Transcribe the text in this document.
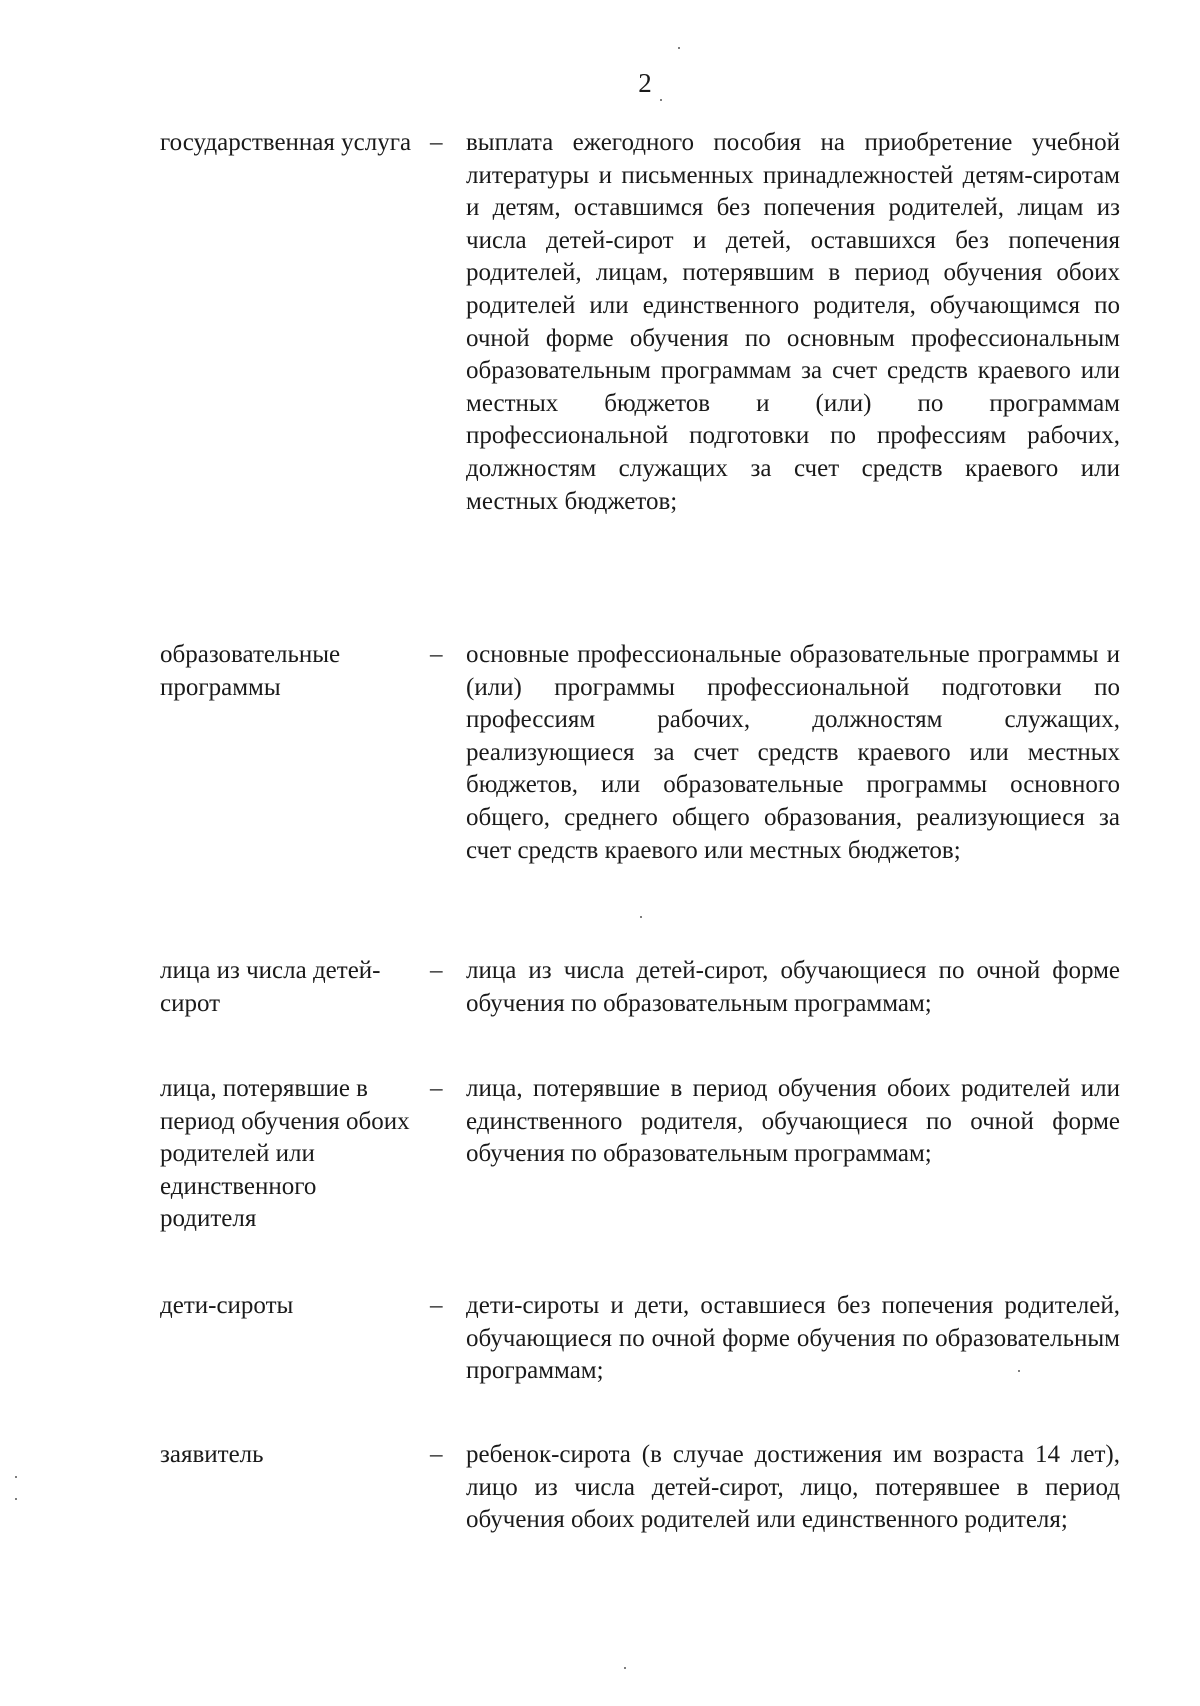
2
государственная услуга – выплата ежегодного пособия на приобретение учебной литературы и письменных принадлежностей детям-сиротам и детям, оставшимся без попечения родителей, лицам из числа детей-сирот и детей, оставшихся без попечения родителей, лицам, потерявшим в период обучения обоих родителей или единственного родителя, обучающимся по очной форме обучения по основным профессиональным образовательным программам за счет средств краевого или местных бюджетов и (или) по программам профессиональной подготовки по профессиям рабочих, должностям служащих за счет средств краевого или местных бюджетов;
образовательные программы
– основные профессиональные образовательные программы и (или) программы профессиональной подготовки по профессиям рабочих, должностям служащих, реализующиеся за счет средств краевого или местных бюджетов, или образовательные программы основного общего, среднего общего образования, реализующиеся за счет средств краевого или местных бюджетов;
лица из числа детей-сирот
– лица из числа детей-сирот, обучающиеся по очной форме обучения по образовательным программам;
лица, потерявшие в период обучения обоих родителей или единственного родителя
– лица, потерявшие в период обучения обоих родителей или единственного родителя, обучающиеся по очной форме обучения по образовательным программам;
дети-сироты	– дети-сироты и дети, оставшиеся без попечения родителей, обучающиеся по очной форме обучения по образовательным программам;
заявитель	– ребенок-сирота (в случае достижения им возраста 14 лет), лицо из числа детей-сирот, лицо, потерявшее в период обучения обоих родителей или единственного родителя;
